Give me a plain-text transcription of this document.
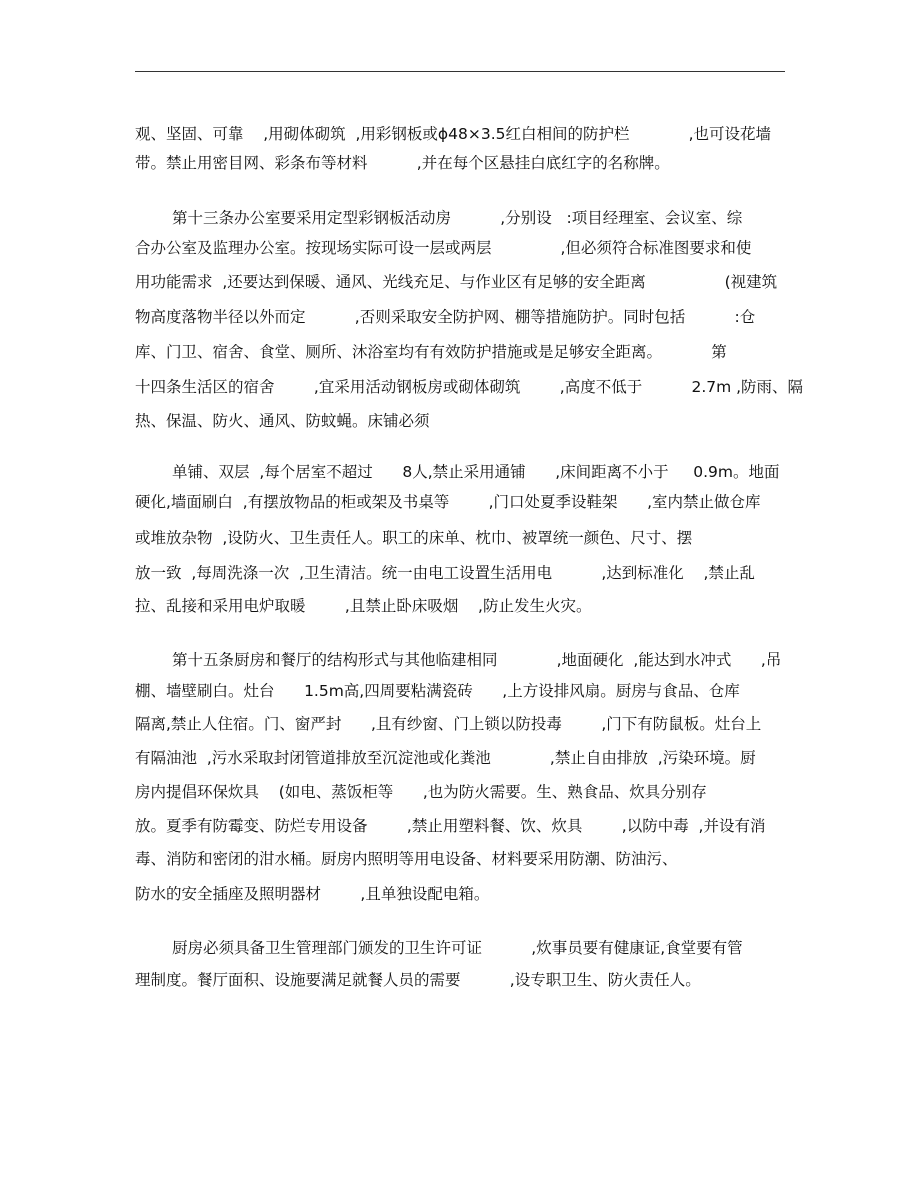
观、坚固、可靠    ,用砌体砌筑  ,用彩钢板或ϕ48×3.5红白相间的防护栏            ,也可设花墙
带。禁止用密目网、彩条布等材料          ,并在每个区悬挂白底红字的名称牌。
第十三条办公室要采用定型彩钢板活动房          ,分别设   :项目经理室、会议室、综
合办公室及监理办公室。按现场实际可设一层或两层              ,但必须符合标准图要求和使
用功能需求  ,还要达到保暖、通风、光线充足、与作业区有足够的安全距离                (视建筑
物高度落物半径以外而定          ,否则采取安全防护网、棚等措施防护。同时包括          :仓
库、门卫、宿舍、食堂、厕所、沐浴室均有有效防护措施或是足够安全距离。          第
十四条生活区的宿舍        ,宜采用活动钢板房或砌体砌筑        ,高度不低于          2.7m ,防雨、隔
热、保温、防火、通风、防蚊蝇。床铺必须
单铺、双层  ,每个居室不超过      8人,禁止采用通铺      ,床间距离不小于     0.9m。地面
硬化,墙面刷白  ,有摆放物品的柜或架及书桌等        ,门口处夏季设鞋架      ,室内禁止做仓库
或堆放杂物  ,设防火、卫生责任人。职工的床单、枕巾、被罩统一颜色、尺寸、摆
放一致  ,每周洗涤一次  ,卫生清洁。统一由电工设置生活用电          ,达到标准化    ,禁止乱
拉、乱接和采用电炉取暖        ,且禁止卧床吸烟    ,防止发生火灾。
第十五条厨房和餐厅的结构形式与其他临建相同            ,地面硬化  ,能达到水冲式      ,吊
棚、墙壁刷白。灶台      1.5m高,四周要粘满瓷砖      ,上方设排风扇。厨房与食品、仓库
隔离,禁止人住宿。门、窗严封      ,且有纱窗、门上锁以防投毒        ,门下有防鼠板。灶台上
有隔油池  ,污水采取封闭管道排放至沉淀池或化粪池            ,禁止自由排放  ,污染环境。厨
房内提倡环保炊具    (如电、蒸饭柜等      ,也为防火需要。生、熟食品、炊具分别存
放。夏季有防霉变、防烂专用设备        ,禁止用塑料餐、饮、炊具        ,以防中毒  ,并设有消
毒、消防和密闭的泔水桶。厨房内照明等用电设备、材料要采用防潮、防油污、
防水的安全插座及照明器材        ,且单独设配电箱。
厨房必须具备卫生管理部门颁发的卫生许可证          ,炊事员要有健康证,食堂要有管
理制度。餐厅面积、设施要满足就餐人员的需要          ,设专职卫生、防火责任人。
